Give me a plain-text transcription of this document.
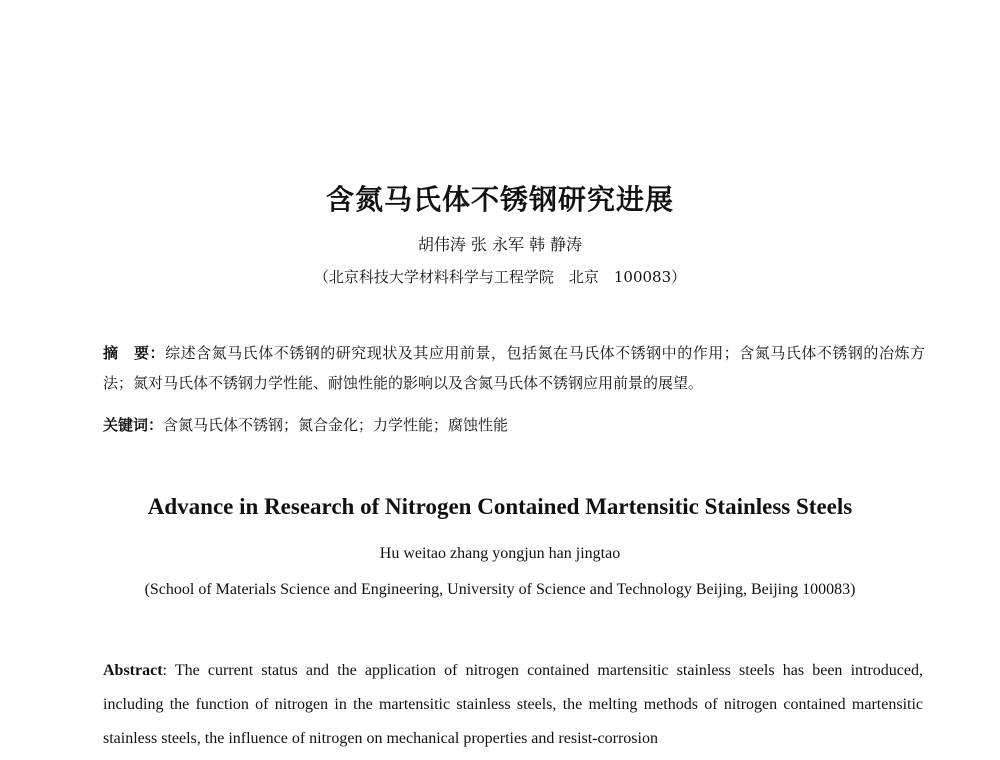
含氮马氏体不锈钢研究进展
胡伟涛 张 永军 韩 静涛
（北京科技大学材料科学与工程学院　北京　100083）
摘　要：综述含氮马氏体不锈钢的研究现状及其应用前景，包括氮在马氏体不锈钢中的作用；含氮马氏体不锈钢的冶炼方法；氮对马氏体不锈钢力学性能、耐蚀性能的影响以及含氮马氏体不锈钢应用前景的展望。
关键词：含氮马氏体不锈钢；氮合金化；力学性能；腐蚀性能
Advance in Research of Nitrogen Contained Martensitic Stainless Steels
Hu weitao zhang yongjun han jingtao
(School of Materials Science and Engineering, University of Science and Technology Beijing, Beijing 100083)
Abstract: The current status and the application of nitrogen contained martensitic stainless steels has been introduced, including the function of nitrogen in the martensitic stainless steels, the melting methods of nitrogen contained martensitic stainless steels, the influence of nitrogen on mechanical properties and resist-corrosion
